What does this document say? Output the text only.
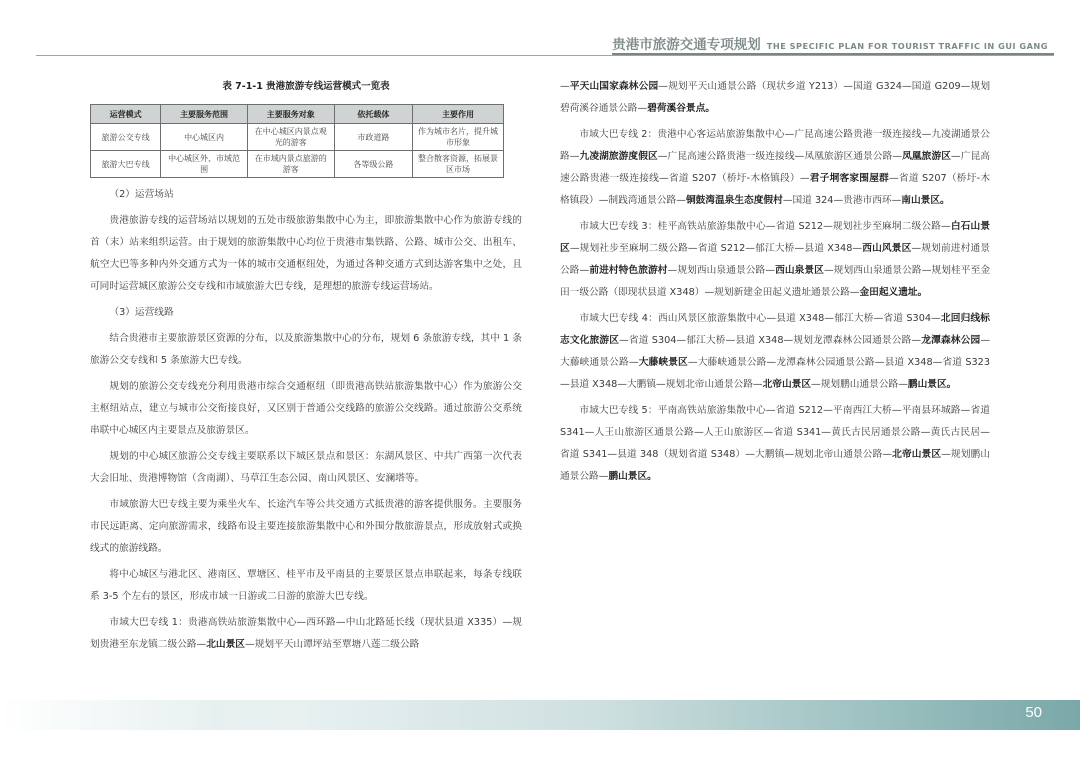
贵港市旅游交通专项规划 THE SPECIFIC PLAN FOR TOURIST TRAFFIC IN GUI GANG
表 7-1-1 贵港旅游专线运营模式一览表
运营模式	主要服务范围	主要服务对象	依托载体	主要作用
旅游公交专线	中心城区内	在中心城区内景点观光的游客	市政道路	作为城市名片，提升城市形象
旅游大巴专线	中心城区外、市域范围	在市域内景点旅游的游客	各等级公路	整合散客资源，拓展景区市场

（2）运营场站

贵港旅游专线的运营场站以规划的五处市级旅游集散中心为主，即旅游集散中心作为旅游专线的首（末）站来组织运营。由于规划的旅游集散中心均位于贵港市集铁路、公路、城市公交、出租车、航空大巴等多种内外交通方式为一体的城市交通枢纽处，为通过各种交通方式到达游客集中之处，且可同时运营城区旅游公交专线和市域旅游大巴专线，是理想的旅游专线运营场站。

（3）运营线路

结合贵港市主要旅游景区资源的分布，以及旅游集散中心的分布，规划 6 条旅游专线，其中 1 条旅游公交专线和 5 条旅游大巴专线。

规划的旅游公交专线充分利用贵港市综合交通枢纽（即贵港高铁站旅游集散中心）作为旅游公交主枢纽站点，建立与城市公交衔接良好，又区别于普通公交线路的旅游公交线路。通过旅游公交系统串联中心城区内主要景点及旅游景区。

规划的中心城区旅游公交专线主要联系以下城区景点和景区：东湖风景区、中共广西第一次代表大会旧址、贵港博物馆（含南湖）、马草江生态公园、南山风景区、安澜塔等。

市域旅游大巴专线主要为乘坐火车、长途汽车等公共交通方式抵贵港的游客提供服务。主要服务市民远距离、定向旅游需求，线路布设主要连接旅游集散中心和外围分散旅游景点，形成放射式或换线式的旅游线路。

将中心城区与港北区、港南区、覃塘区、桂平市及平南县的主要景区景点串联起来，每条专线联系 3-5 个左右的景区，形成市域一日游或二日游的旅游大巴专线。

市域大巴专线 1：贵港高铁站旅游集散中心—西环路—中山北路延长线（现状县道 X335）—规划贵港至东龙镇二级公路—北山景区—规划平天山谭坪站至覃塘八莲二级公路

—平天山国家森林公园—规划平天山通景公路（现状乡道 Y213）—国道 G324—国道 G209—规划碧荷溪谷通景公路—碧荷溪谷景点。

市域大巴专线 2：贵港中心客运站旅游集散中心—广昆高速公路贵港一级连接线—九凌湖通景公路—九凌湖旅游度假区—广昆高速公路贵港一级连接线—凤凰旅游区通景公路—凤凰旅游区—广昆高速公路贵港一级连接线—省道 S207（桥圩-木格镇段）—君子垌客家围屋群—省道 S207（桥圩-木格镇段）—制践湾通景公路—铜鼓湾温泉生态度假村—国道 324—贵港市西环—南山景区。

市域大巴专线 3：桂平高铁站旅游集散中心—省道 S212—规划社步至麻垌二级公路—白石山景区—规划社步至麻垌二级公路—省道 S212—郁江大桥—县道 X348—西山风景区—规划前进村通景公路—前进村特色旅游村—规划西山泉通景公路—西山泉景区—规划西山泉通景公路—规划桂平至金田一级公路（即现状县道 X348）—规划新建金田起义遗址通景公路—金田起义遗址。

市域大巴专线 4：西山风景区旅游集散中心—县道 X348—郁江大桥—省道 S304—北回归线标志文化旅游区—省道 S304—郁江大桥—县道 X348—规划龙潭森林公园通景公路—龙潭森林公园—大藤峡通景公路—大藤峡景区—大藤峡通景公路—龙潭森林公园通景公路—县道 X348—省道 S323—县道 X348—大鹏镇—规划北帝山通景公路—北帝山景区—规划鹏山通景公路—鹏山景区。

市域大巴专线 5：平南高铁站旅游集散中心—省道 S212—平南西江大桥—平南县环城路—省道 S341—人王山旅游区通景公路—人王山旅游区—省道 S341—黄氏古民居通景公路—黄氏古民居—省道 S341—县道 348（规划省道 S348）—大鹏镇—规划北帝山通景公路—北帝山景区—规划鹏山通景公路—鹏山景区。

50
